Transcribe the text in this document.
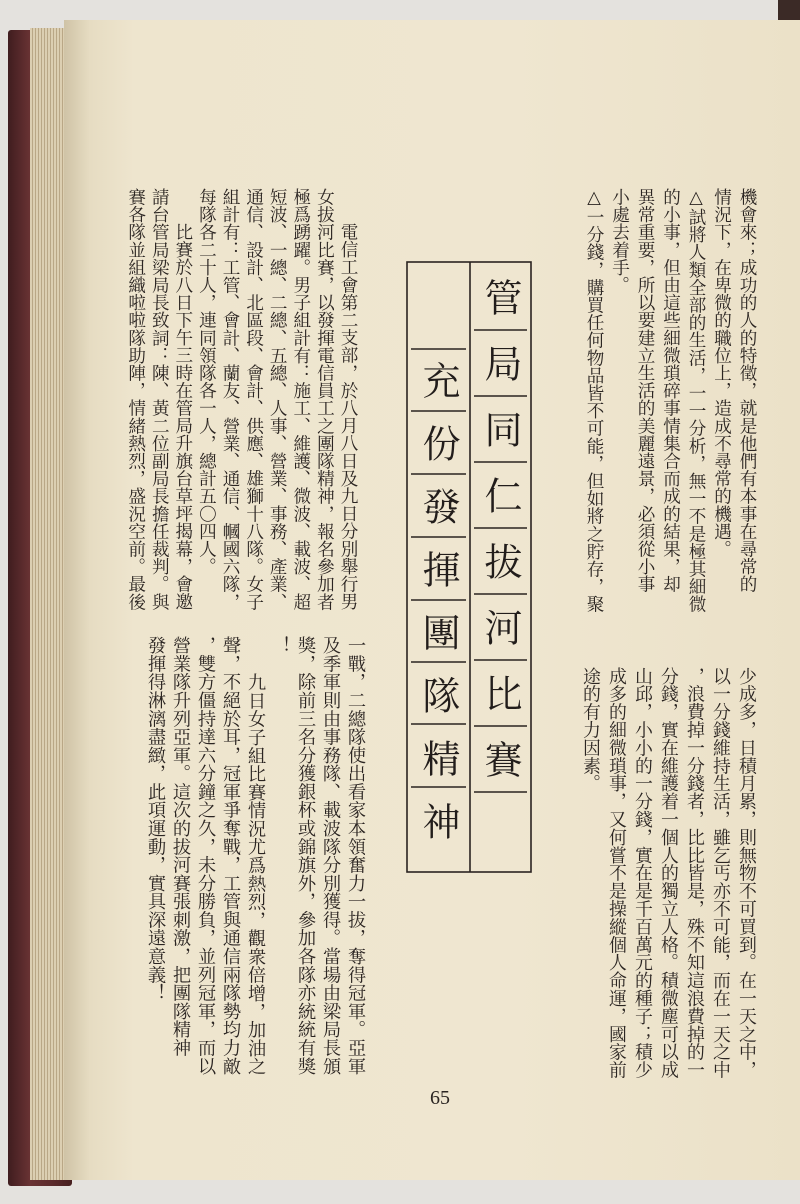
機會來；成功的人的特徵，就是他們有本事在尋常的
情況下，在卑微的職位上，造成不尋常的機遇。
△試將人類全部的生活，一一分析，無一不是極其細微
的小事，但由這些細微瑣碎事情集合而成的結果，却
異常重要，所以要建立生活的美麗遠景，必須從小事
小處去着手。
△一分錢，購買任何物品皆不可能，但如將之貯存，聚
少成多，日積月累，則無物不可買到。在一天之中，
以一分錢維持生活，雖乞丐亦不可能，而在一天之中
，浪費掉一分錢者，比比皆是，殊不知這浪費掉的一
分錢，實在維護着一個人的獨立人格。積微塵可以成
山邱，小小的一分錢，實在是千百萬元的種子；積少
成多的細微瑣事，又何嘗不是操縱個人命運，國家前
途的有力因素。
管局同仁拔河比賽
充份發揮團隊精神
電信工會第二支部，於八月八日及九日分別舉行男
女拔河比賽，以發揮電信員工之團隊精神，報名參加者
極爲踴躍。男子組計有：施工、維護、微波、載波、超
短波、一總、二總、五總、人事、營業、事務、產業、
通信、設計、北區段、會計、供應、雄獅十八隊。女子
組計有：工管、會計、蘭友、營業、通信、幗國六隊，
每隊各二十人，連同領隊各一人，總計五〇四人。
比賽於八日下午三時在管局升旗台草坪揭幕，會邀
請台管局梁局長致詞：陳、黃二位副局長擔任裁判。與
賽各隊並組織啦啦隊助陣，情緒熱烈，盛況空前。最後
一戰，二總隊使出看家本領奮力一拔，奪得冠軍。亞軍
及季軍則由事務隊、載波隊分別獲得。當場由梁局長頒
獎，除前三名分獲銀杯或錦旗外，參加各隊亦統統有獎
！
九日女子組比賽情況尤爲熱烈，觀衆倍增，加油之
聲，不絕於耳，冠軍爭奪戰，工管與通信兩隊勢均力敵
，雙方僵持達六分鐘之久，未分勝負，並列冠軍，而以
營業隊升列亞軍。這次的拔河賽張刺激，把團隊精神
發揮得淋漓盡緻，此項運動，實具深遠意義！
65
